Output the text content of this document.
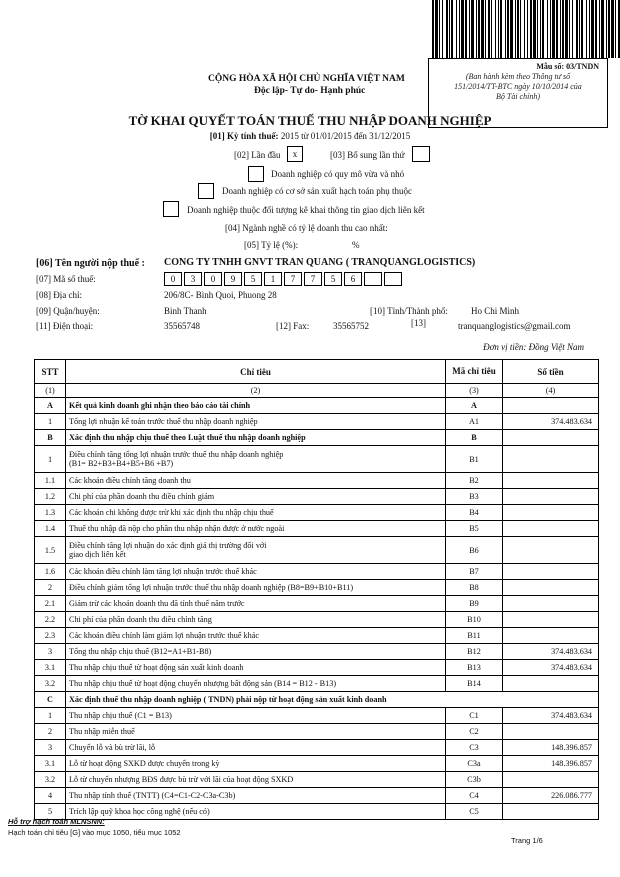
Mẫu số: 03/TNDN
(Ban hành kèm theo Thông tư số
151/2014/TT-BTC ngày 10/10/2014 của
Bộ Tài chính)
CỘNG HÒA XÃ HỘI CHỦ NGHĨA VIỆT NAM
Độc lập- Tự do- Hạnh phúc
TỜ KHAI QUYẾT TOÁN THUẾ THU NHẬP DOANH NGHIỆP
[01] Kỳ tính thuế: 2015 từ 01/01/2015 đến 31/12/2015
[02] Lần đầu	x	[03] Bổ sung lần thứ
Doanh nghiệp có quy mô vừa và nhỏ
Doanh nghiệp có cơ sở sản xuất hạch toán phụ thuộc
Doanh nghiệp thuộc đối tượng kê khai thông tin giao dịch liên kết
[04] Ngành nghề có tỷ lệ doanh thu cao nhất:
[05] Tỷ lệ (%):	%
[06] Tên người nộp thuế : CONG TY TNHH GNVT TRAN QUANG ( TRANQUANGLOGISTICS)
[07] Mã số thuế:	0	3	0	9	5	1	7	7	5	6
[08] Địa chỉ:	206/8C- Bình Quoi, Phuong 28
[09] Quận/huyện:	Binh Thanh	[10] Tỉnh/Thành phố:	Ho Chi Minh
[11] Điện thoại:	35565748	[12] Fax:	35565752	[13]	tranquanglogistics@gmail.com
Đơn vị tiền: Đồng Việt Nam
STT	Chỉ tiêu	Mã chỉ tiêu	Số tiền
(1)	(2)	(3)	(4)
A	Kết quả kinh doanh ghi nhận theo báo cáo tài chính	A	
1	Tổng lợi nhuận kế toán trước thuế thu nhập doanh nghiệp	A1	374.483.634
B	Xác định thu nhập chịu thuế theo Luật thuế thu nhập doanh nghiệp	B	
1	Điều chỉnh tăng tổng lợi nhuận trước thuế thu nhập doanh nghiệp
(B1= B2+B3+B4+B5+B6 +B7)	B1	
1.1	Các khoản điều chỉnh tăng doanh thu	B2	
1.2	Chi phí của phần doanh thu điều chỉnh giảm	B3	
1.3	Các khoản chi không được trừ khi xác định thu nhập chịu thuế	B4	
1.4	Thuế thu nhập đã nộp cho phần thu nhập nhận được ở nước ngoài	B5	
1.5	Điều chỉnh tăng lợi nhuận do xác định giá thị trường đối với
giao dịch liên kết	B6	
1.6	Các khoản điều chỉnh làm tăng lợi nhuận trước thuế khác	B7	
2	Điều chỉnh giảm tổng lợi nhuận trước thuế thu nhập doanh nghiệp (B8=B9+B10+B11)	B8	
2.1	Giảm trừ các khoản doanh thu đã tính thuế năm trước	B9	
2.2	Chi phí của phần doanh thu điều chỉnh tăng	B10	
2.3	Các khoản điều chỉnh làm giảm lợi nhuận trước thuế khác	B11	
3	Tổng thu nhập chịu thuế (B12=A1+B1-B8)	B12	374.483.634
3.1	Thu nhập chịu thuế từ hoạt động sản xuất kinh doanh	B13	374.483.634
3.2	Thu nhập chịu thuế từ hoạt động chuyển nhượng bất động sản (B14 = B12 - B13)	B14	
C	Xác định thuế thu nhập doanh nghiệp ( TNDN) phải nộp từ hoạt động sản xuất kinh doanh		
1	Thu nhập chịu thuế (C1 = B13)	C1	374.483.634
2	Thu nhập miễn thuế	C2	
3	Chuyển lỗ và bù trừ lãi, lỗ	C3	148.396.857
3.1	Lỗ từ hoạt động SXKD được chuyển trong kỳ	C3a	148.396.857
3.2	Lỗ từ chuyển nhượng BĐS được bù trừ với lãi của hoạt động SXKD	C3b	
4	Thu nhập tính thuế (TNTT) (C4=C1-C2-C3a-C3b)	C4	226.086.777
5	Trích lập quỹ khoa học công nghệ (nếu có)	C5	
Hỗ trợ hạch toán MLNSNN:
Hạch toán chỉ tiêu [G] vào mục 1050, tiểu mục 1052
Trang 1/6
